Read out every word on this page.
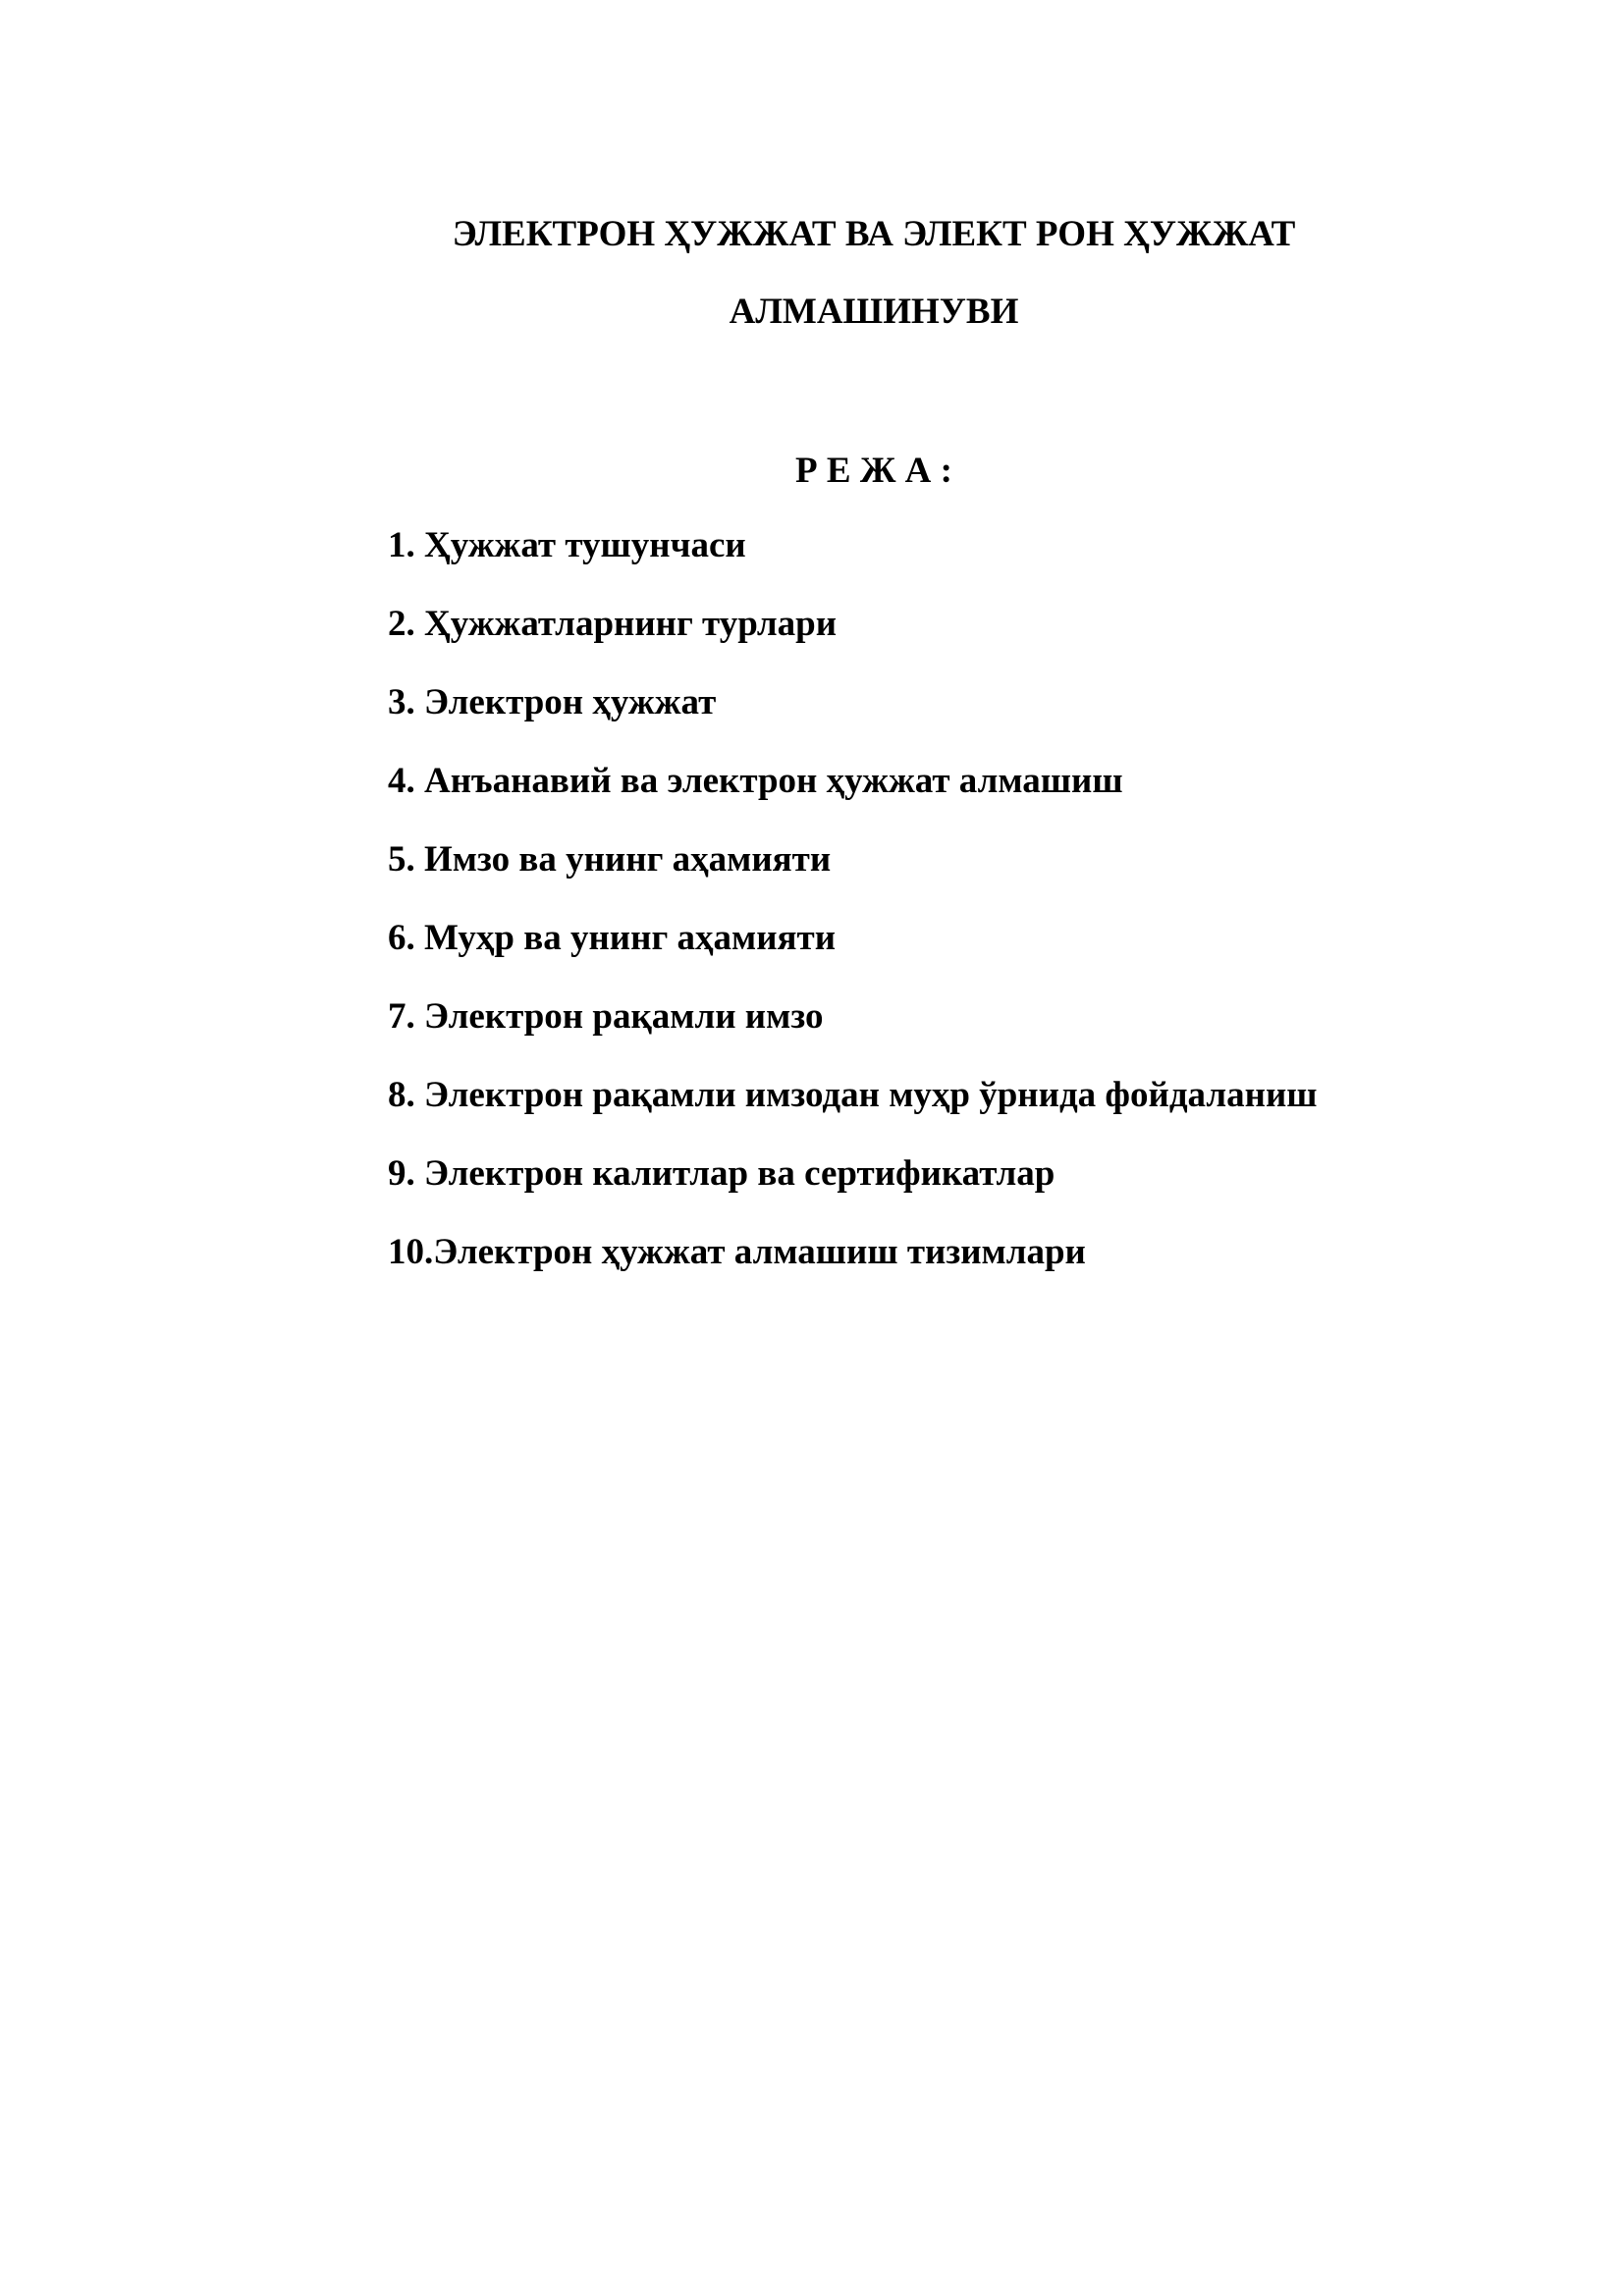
ЭЛЕКТРОН ҲУЖЖАТ ВА ЭЛЕКТ РОН ҲУЖЖАТ
АЛМАШИНУВИ
Р Е Ж А :
1. Ҳужжат тушунчаси
2. Ҳужжатларнинг турлари
3. Электрон ҳужжат
4. Анъанавий ва электрон ҳужжат алмашиш
5. Имзо ва унинг аҳамияти
6. Муҳр ва унинг аҳамияти
7. Электрон рақамли имзо
8. Электрон рақамли имзодан муҳр ўрнида фойдаланиш
9. Электрон калитлар ва сертификатлар
10.Электрон ҳужжат алмашиш тизимлари
